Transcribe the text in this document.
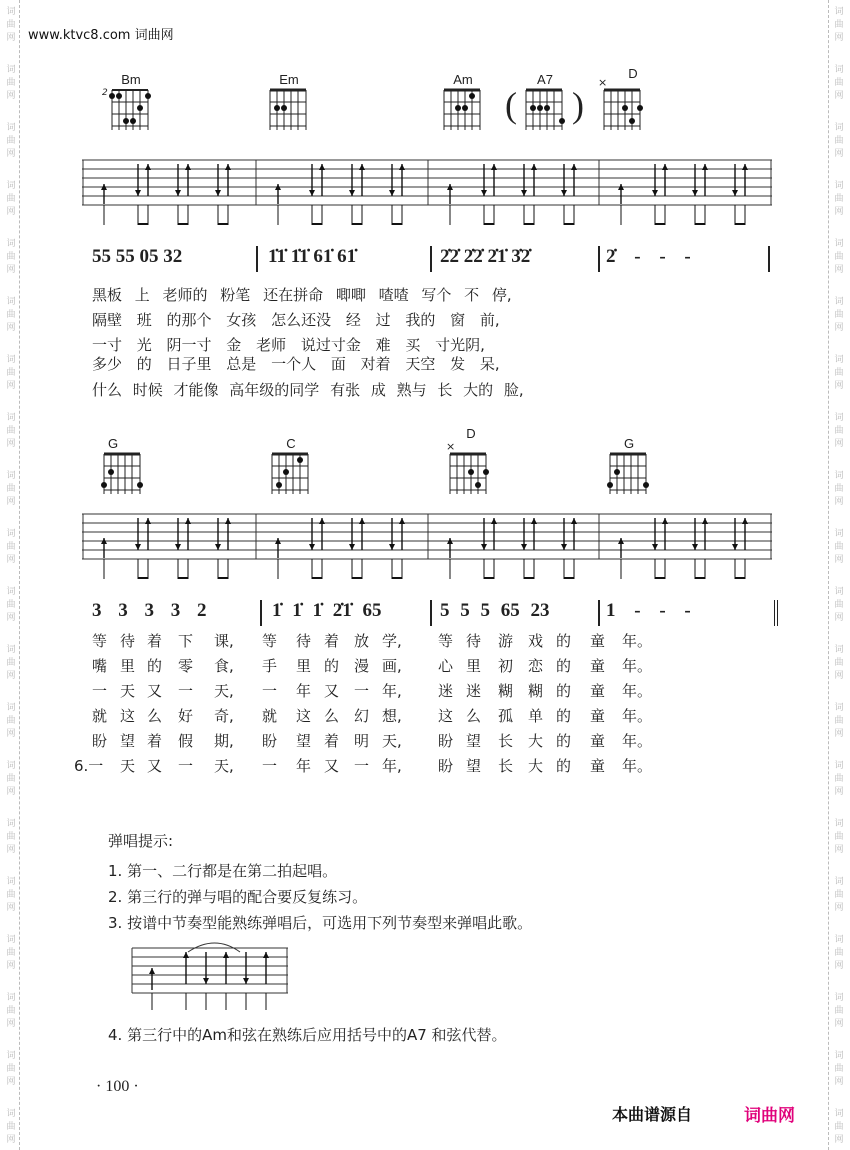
词
曲
网
词
曲
网
词
曲
网
词
曲
网
词
曲
网
词
曲
网
词
曲
网
词
曲
网
词
曲
网
词
曲
网
词
曲
网
词
曲
网
词
曲
网
词
曲
网
词
曲
网
词
曲
网
词
曲
网
词
曲
网
词
曲
网
词
曲
网
词
曲
网
词
曲
网
词
曲
网
词
曲
网
词
曲
网
词
曲
网
词
曲
网
词
曲
网
词
曲
网
词
曲
网
词
曲
网
词
曲
网
词
曲
网
词
曲
网
词
曲
网
词
曲
网
词
曲
网
词
曲
网
词
曲
网
词
曲
网
www.ktvc8.com 词曲网
Bm
2
Em	Am
(
A7
)
D
×
55 55 05 32	1̇1̇ 1̇1̇ 61̇ 61̇	2̇2̇ 2̇2̇ 2̇1̇ 3̇2̇	2̇ - - -
黑板 上 老师的 粉笔 还在拼命 唧唧 喳喳 写个 不 停,
隔壁 班 的那个 女孩 怎么还没 经 过 我的 窗 前,
一寸 光 阴一寸 金 老师 说过寸金 难 买 寸光阴,
多少 的 日子里 总是 一个人 面 对着 天空 发 呆,
什么 时候 才能像 高年级的同学 有张 成 熟与 长 大的 脸,
G	C
D
×	G
3 3 3 3 2	1̇ 1̇ 1̇ 2̇1̇ 65	5 5 5 65 23	1 - - -
等 待 着 下 课, 等 待 着 放 学, 等 待 游 戏 的 童 年。
嘴 里 的 零 食, 手 里 的 漫 画, 心 里 初 恋 的 童 年。
一 天 又 一 天, 一 年 又 一 年, 迷 迷 糊 糊 的 童 年。
就 这 么 好 奇, 就 这 么 幻 想, 这 么 孤 单 的 童 年。
盼 望 着 假 期, 盼 望 着 明 天, 盼 望 长 大 的 童 年。
6.一 天 又 一 天, 一 年 又 一 年, 盼 望 长 大 的 童 年。
弹唱提示:
1. 第一、二行都是在第二拍起唱。
2. 第三行的弹与唱的配合要反复练习。
3. 按谱中节奏型能熟练弹唱后，可选用下列节奏型来弹唱此歌。
4. 第三行中的Am和弦在熟练后应用括号中的A7 和弦代替。
· 100 ·
本曲谱源自	词曲网
